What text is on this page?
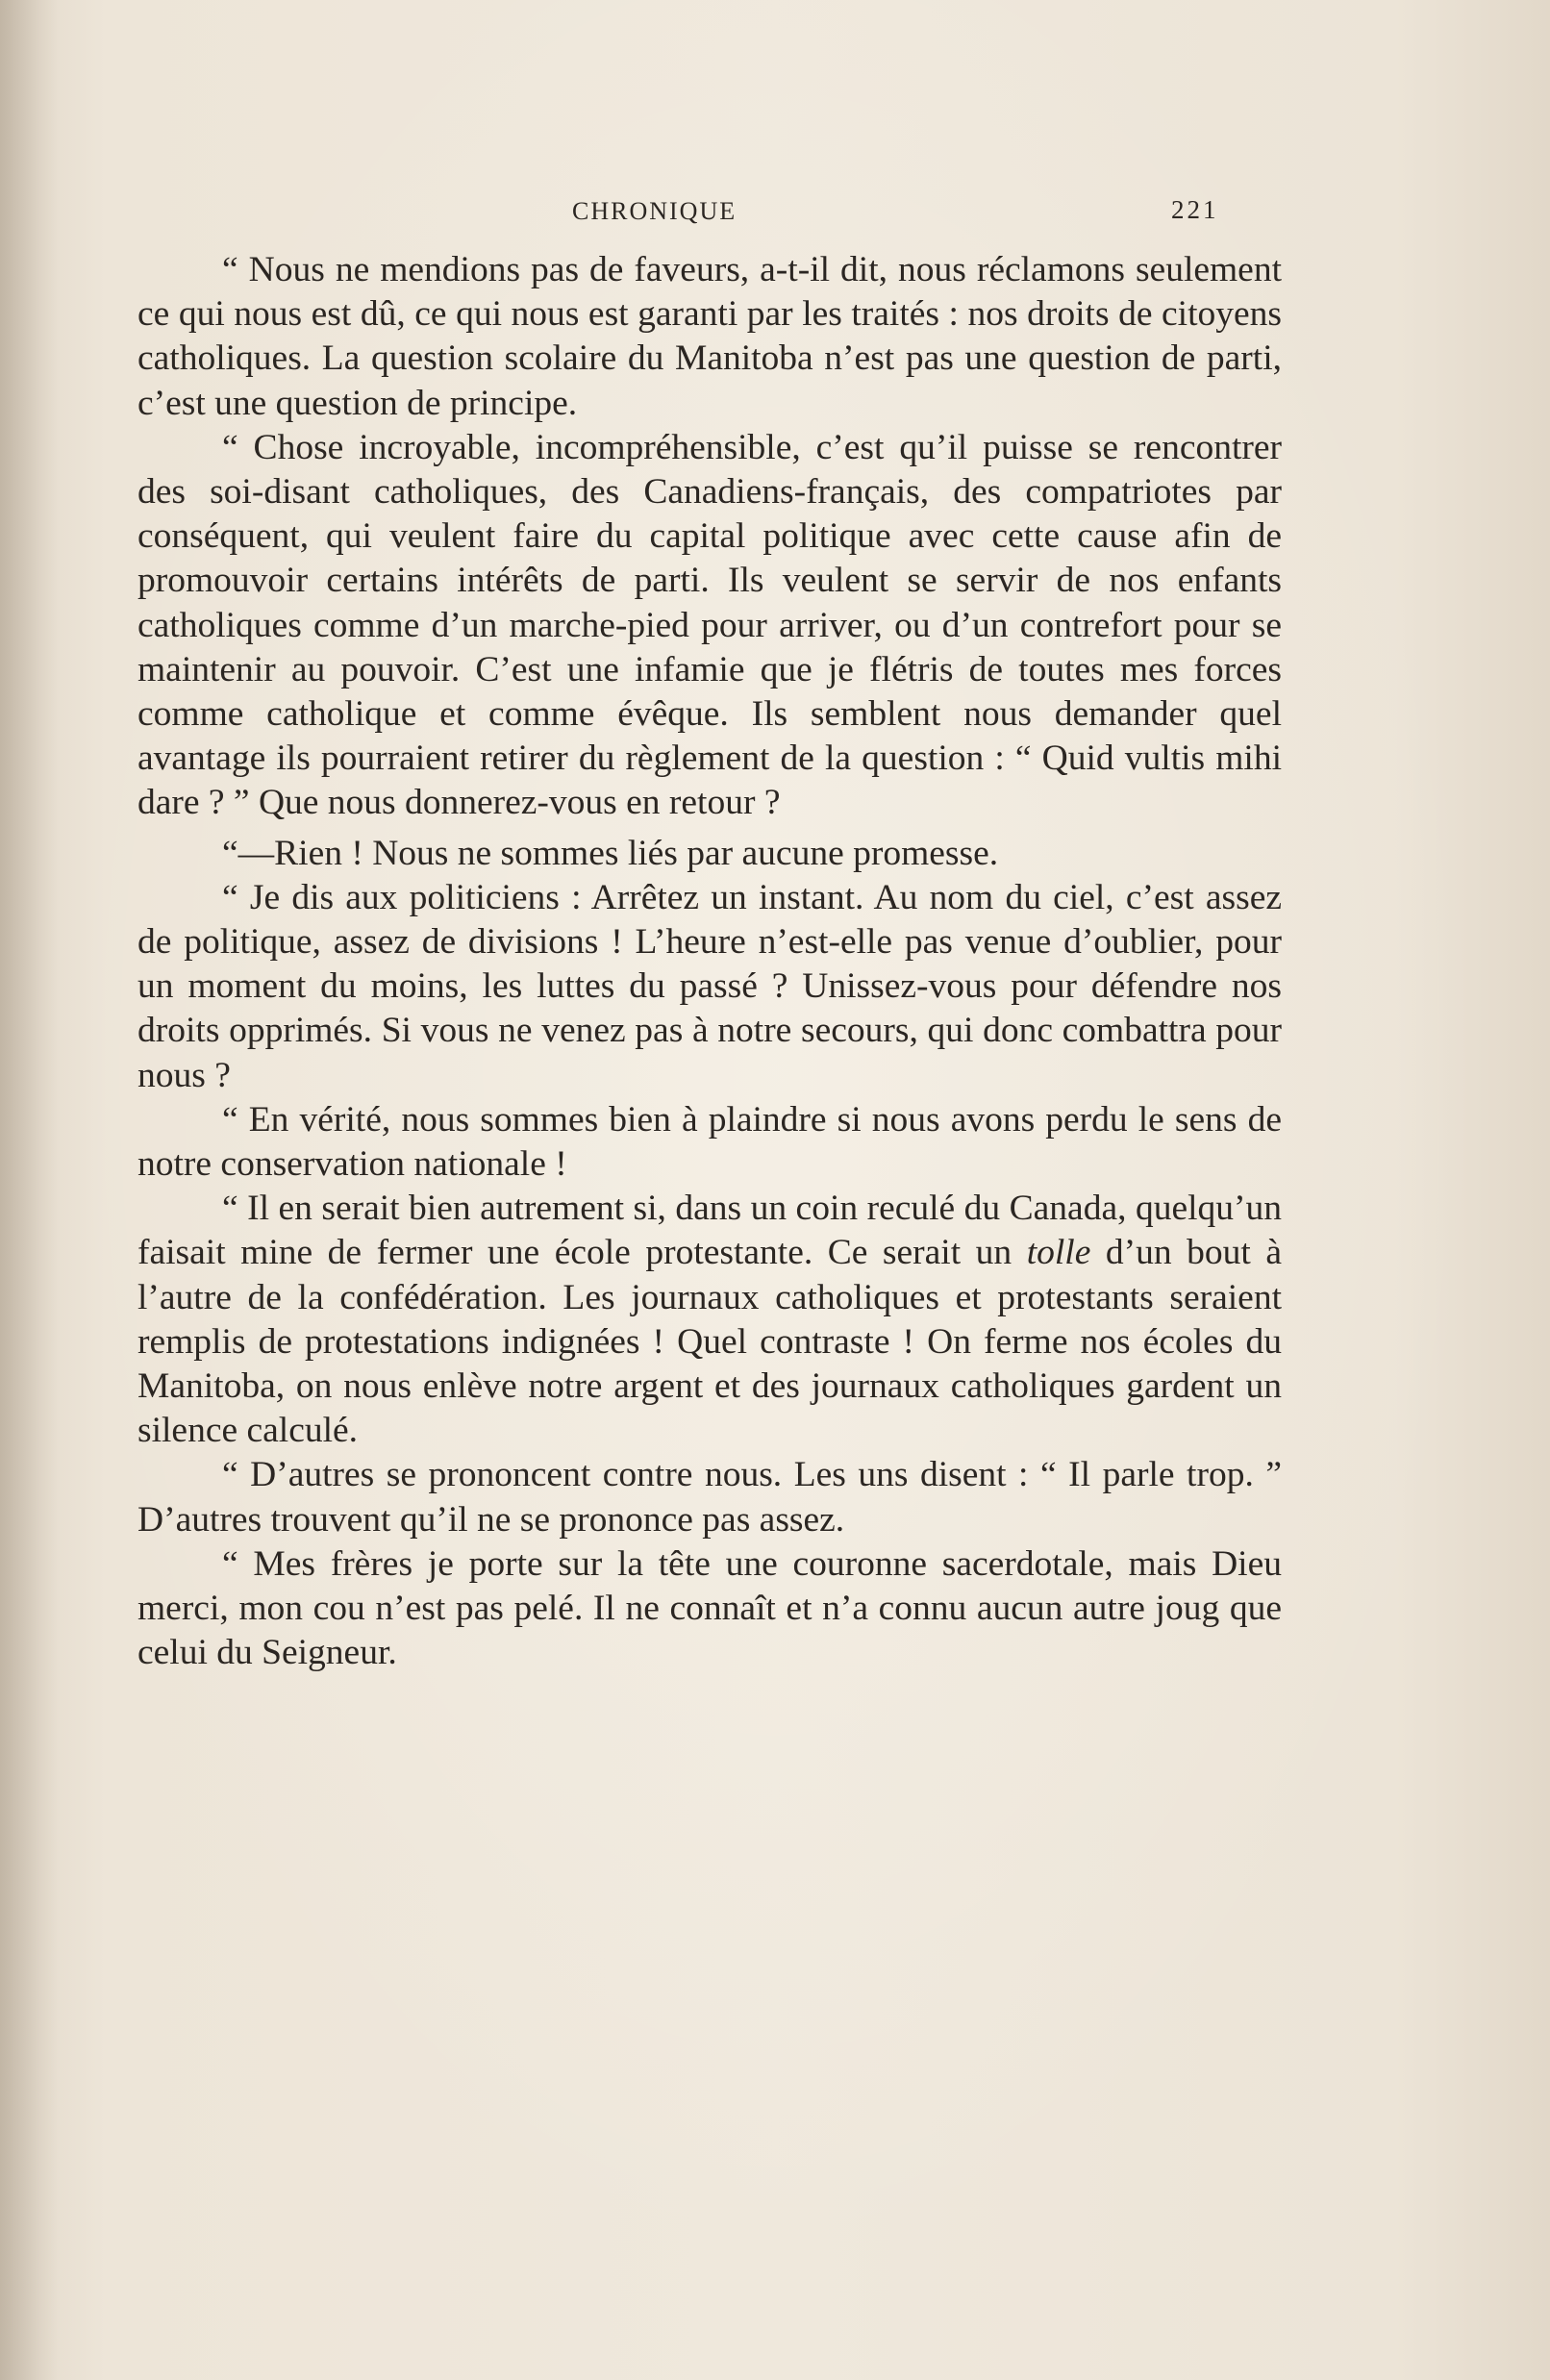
CHRONIQUE	221

“ Nous ne mendions pas de faveurs, a-t-il dit, nous réclamons seulement ce qui nous est dû, ce qui nous est garanti par les traités : nos droits de citoyens catholiques. La question scolaire du Manitoba n’est pas une question de parti, c’est une question de principe.

“ Chose incroyable, incompréhensible, c’est qu’il puisse se rencontrer des soi-disant catholiques, des Canadiens-français, des compatriotes par conséquent, qui veulent faire du capital politique avec cette cause afin de promouvoir certains intérêts de parti. Ils veulent se servir de nos enfants catholiques comme d’un marche-pied pour arriver, ou d’un contrefort pour se maintenir au pouvoir. C’est une infamie que je flétris de toutes mes forces comme catholique et comme évêque. Ils semblent nous demander quel avantage ils pourraient retirer du règlement de la question : “ Quid vultis mihi dare ? ” Que nous donnerez-vous en retour ?

“—Rien ! Nous ne sommes liés par aucune promesse.

“ Je dis aux politiciens : Arrêtez un instant. Au nom du ciel, c’est assez de politique, assez de divisions ! L’heure n’est-elle pas venue d’oublier, pour un moment du moins, les luttes du passé ? Unissez-vous pour défendre nos droits opprimés. Si vous ne venez pas à notre secours, qui donc combattra pour nous ?

“ En vérité, nous sommes bien à plaindre si nous avons perdu le sens de notre conservation nationale !

“ Il en serait bien autrement si, dans un coin reculé du Canada, quelqu’un faisait mine de fermer une école protestante. Ce serait un tolle d’un bout à l’autre de la confédération. Les journaux catholiques et protestants seraient remplis de protestations indignées ! Quel contraste ! On ferme nos écoles du Manitoba, on nous enlève notre argent et des journaux catholiques gardent un silence calculé.

“ D’autres se prononcent contre nous. Les uns disent : “ Il parle trop. ” D’autres trouvent qu’il ne se prononce pas assez.

“ Mes frères je porte sur la tête une couronne sacerdotale, mais Dieu merci, mon cou n’est pas pelé. Il ne connaît et n’a connu aucun autre joug que celui du Seigneur.
